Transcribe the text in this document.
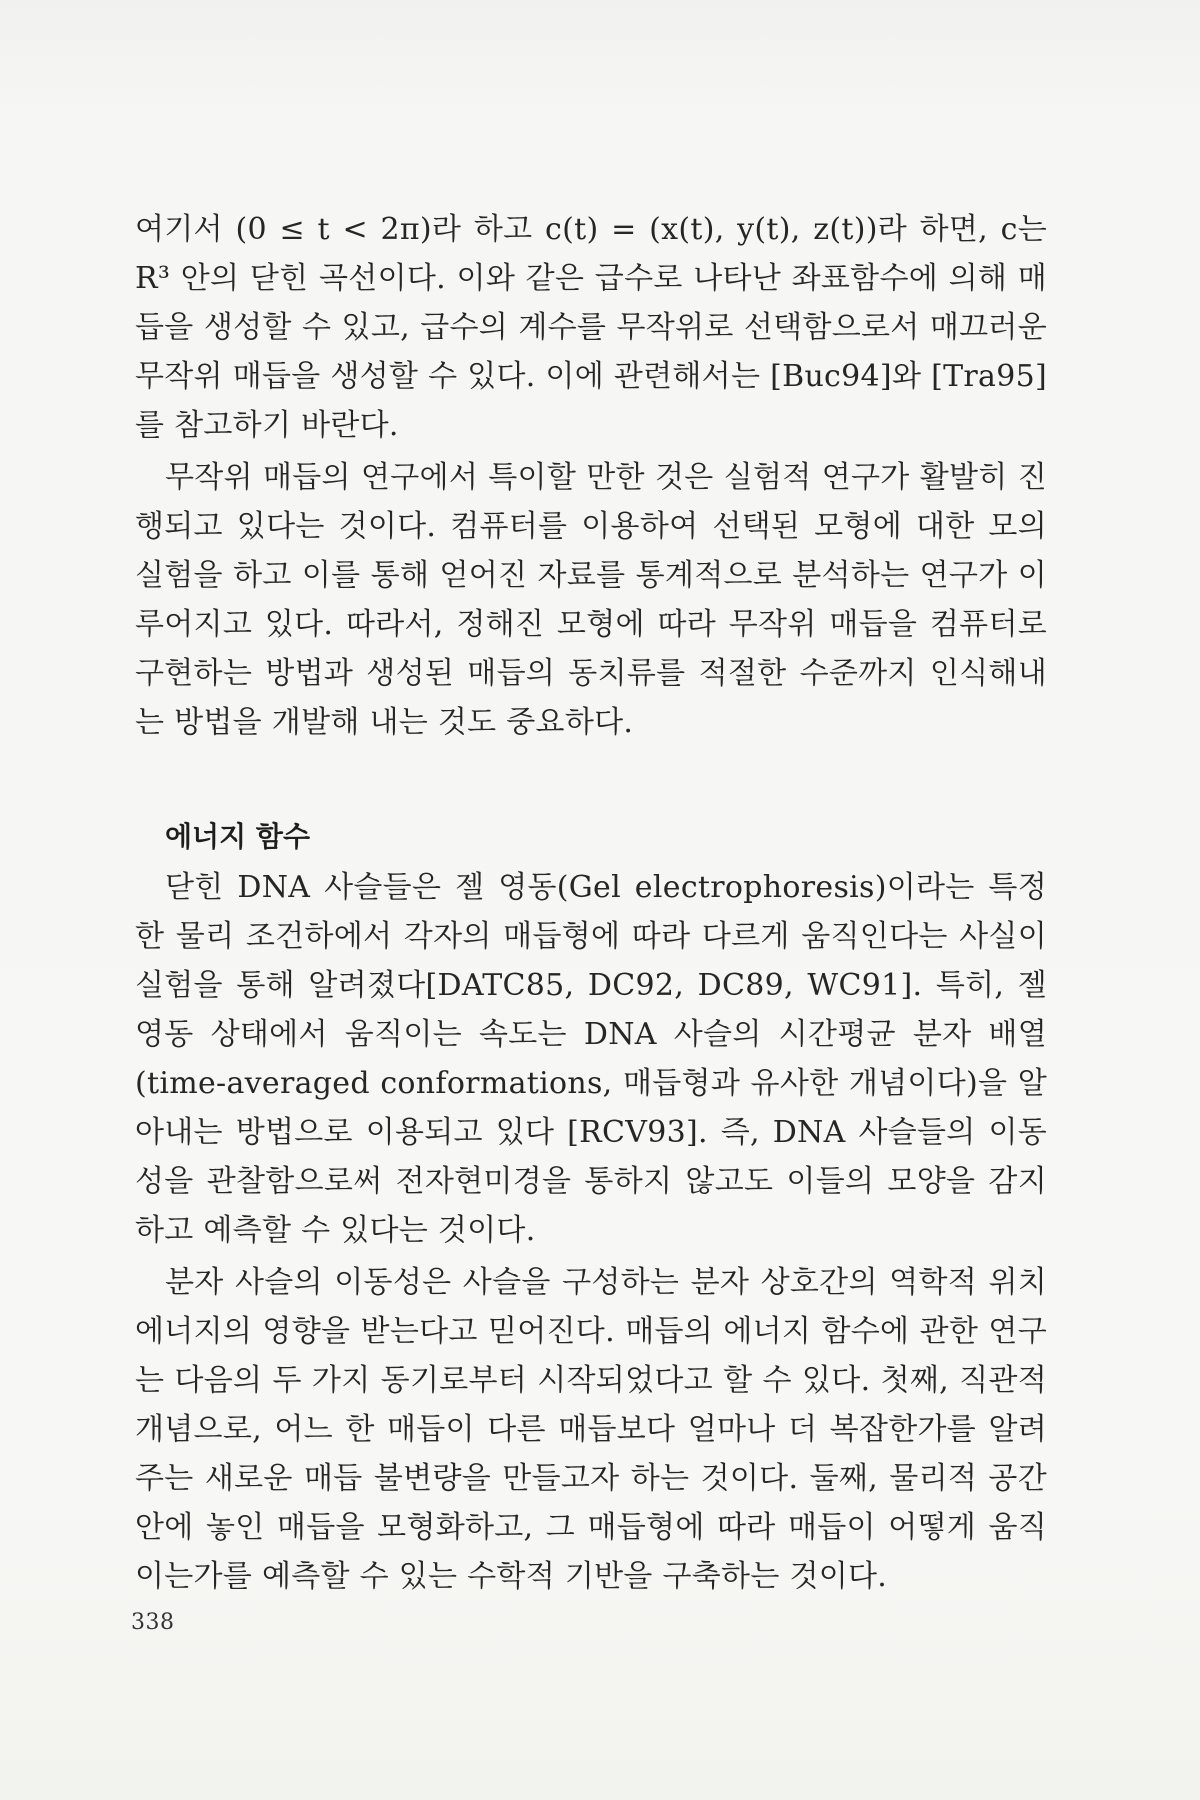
여기서 (0 ≤ t < 2π)라 하고 c(t) = (x(t), y(t), z(t))라 하면, c는 R³ 안의 닫힌 곡선이다. 이와 같은 급수로 나타난 좌표함수에 의해 매듭을 생성할 수 있고, 급수의 계수를 무작위로 선택함으로서 매끄러운 무작위 매듭을 생성할 수 있다. 이에 관련해서는 [Buc94]와 [Tra95]를 참고하기 바란다.

무작위 매듭의 연구에서 특이할 만한 것은 실험적 연구가 활발히 진행되고 있다는 것이다. 컴퓨터를 이용하여 선택된 모형에 대한 모의 실험을 하고 이를 통해 얻어진 자료를 통계적으로 분석하는 연구가 이루어지고 있다. 따라서, 정해진 모형에 따라 무작위 매듭을 컴퓨터로 구현하는 방법과 생성된 매듭의 동치류를 적절한 수준까지 인식해내는 방법을 개발해 내는 것도 중요하다.

에너지 함수

닫힌 DNA 사슬들은 젤 영동(Gel electrophoresis)이라는 특정한 물리 조건하에서 각자의 매듭형에 따라 다르게 움직인다는 사실이 실험을 통해 알려졌다[DATC85, DC92, DC89, WC91]. 특히, 젤 영동 상태에서 움직이는 속도는 DNA 사슬의 시간평균 분자 배열(time-averaged conformations, 매듭형과 유사한 개념이다)을 알아내는 방법으로 이용되고 있다 [RCV93]. 즉, DNA 사슬들의 이동성을 관찰함으로써 전자현미경을 통하지 않고도 이들의 모양을 감지하고 예측할 수 있다는 것이다.

분자 사슬의 이동성은 사슬을 구성하는 분자 상호간의 역학적 위치에너지의 영향을 받는다고 믿어진다. 매듭의 에너지 함수에 관한 연구는 다음의 두 가지 동기로부터 시작되었다고 할 수 있다. 첫째, 직관적 개념으로, 어느 한 매듭이 다른 매듭보다 얼마나 더 복잡한가를 알려주는 새로운 매듭 불변량을 만들고자 하는 것이다. 둘째, 물리적 공간 안에 놓인 매듭을 모형화하고, 그 매듭형에 따라 매듭이 어떻게 움직이는가를 예측할 수 있는 수학적 기반을 구축하는 것이다.

338
